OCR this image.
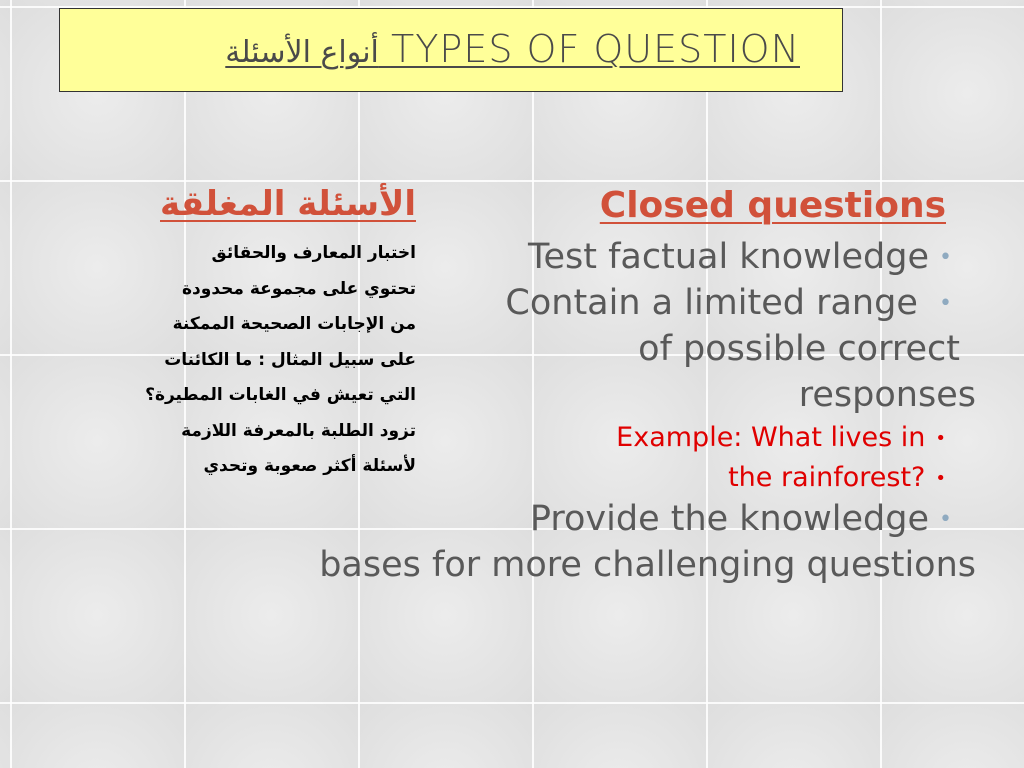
أنواع الأسئلة TYPES OF QUESTION
الأسئلة المغلقة
اختبار المعارف والحقائق
تحتوي على مجموعة محدودة
من الإجابات الصحيحة الممكنة
على سبيل المثال : ما الكائنات
التي تعيش في الغابات المطيرة؟
تزود الطلبة بالمعرفة اللازمة
لأسئلة أكثر صعوبة وتحدي
Closed questions
Test factual knowledge •
Contain a limited range •
of possible correct
responses
Example: What lives in •
the rainforest? •
Provide the knowledge •
bases for more challenging questions
